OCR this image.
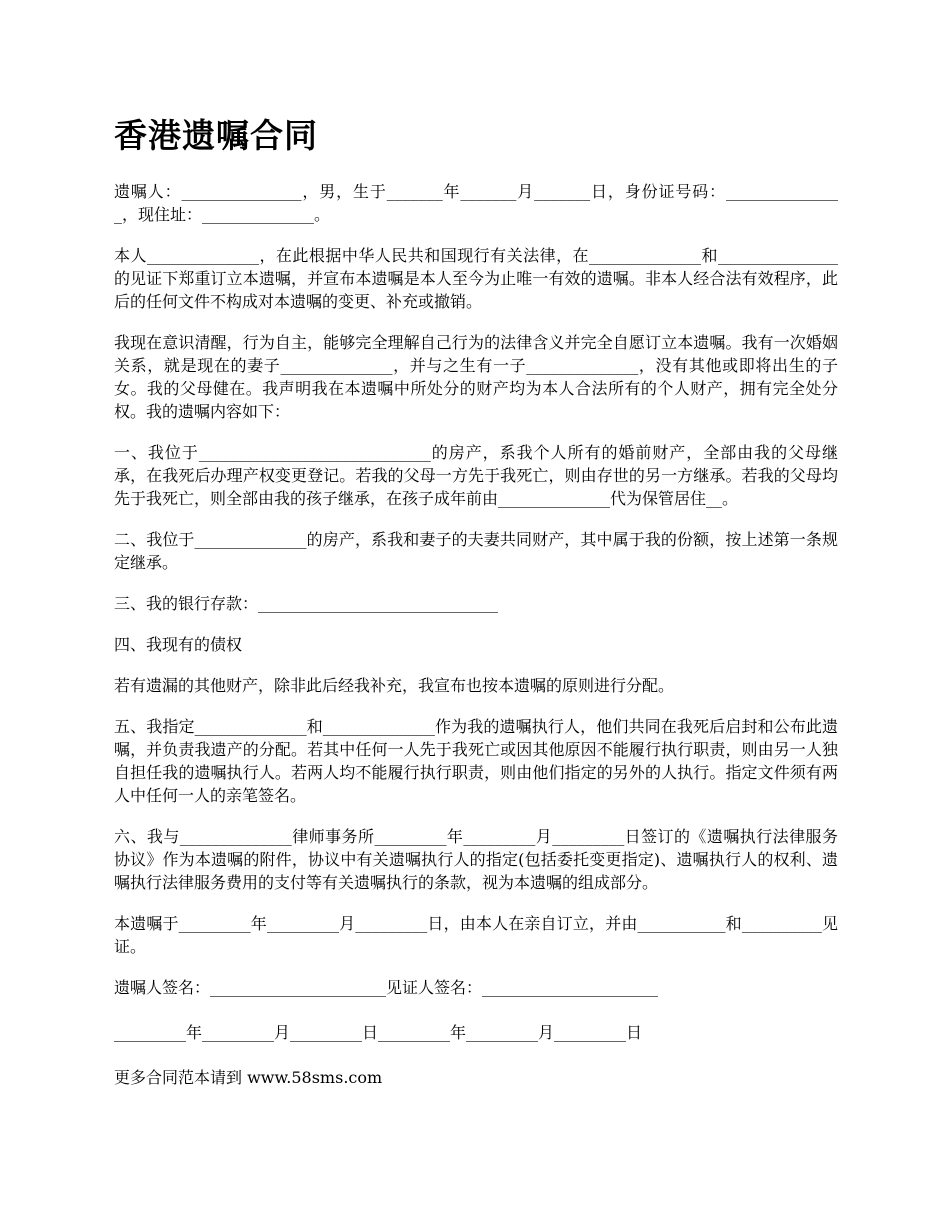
香港遗嘱合同

遗嘱人：_______________，男，生于_______年_______月_______日，身份证号码：_______________，现住址：______________。

本人______________，在此根据中华人民共和国现行有关法律，在______________和_______________的见证下郑重订立本遗嘱，并宣布本遗嘱是本人至今为止唯一有效的遗嘱。非本人经合法有效程序，此后的任何文件不构成对本遗嘱的变更、补充或撤销。

我现在意识清醒，行为自主，能够完全理解自己行为的法律含义并完全自愿订立本遗嘱。我有一次婚姻关系，就是现在的妻子______________，并与之生有一子______________，没有其他或即将出生的子女。我的父母健在。我声明我在本遗嘱中所处分的财产均为本人合法所有的个人财产，拥有完全处分权。我的遗嘱内容如下：

一、我位于_____________________________的房产，系我个人所有的婚前财产，全部由我的父母继承，在我死后办理产权变更登记。若我的父母一方先于我死亡，则由存世的另一方继承。若我的父母均先于我死亡，则全部由我的孩子继承，在孩子成年前由______________代为保管居住__。

二、我位于______________的房产，系我和妻子的夫妻共同财产，其中属于我的份额，按上述第一条规定继承。

三、我的银行存款：______________________________

四、我现有的债权

若有遗漏的其他财产，除非此后经我补充，我宣布也按本遗嘱的原则进行分配。

五、我指定______________和______________作为我的遗嘱执行人，他们共同在我死后启封和公布此遗嘱，并负责我遗产的分配。若其中任何一人先于我死亡或因其他原因不能履行执行职责，则由另一人独自担任我的遗嘱执行人。若两人均不能履行执行职责，则由他们指定的另外的人执行。指定文件须有两人中任何一人的亲笔签名。

六、我与______________律师事务所_________年_________月_________日签订的《遗嘱执行法律服务协议》作为本遗嘱的附件，协议中有关遗嘱执行人的指定(包括委托变更指定)、遗嘱执行人的权利、遗嘱执行法律服务费用的支付等有关遗嘱执行的条款，视为本遗嘱的组成部分。

本遗嘱于_________年_________月_________日，由本人在亲自订立，并由___________和__________见证。

遗嘱人签名：______________________见证人签名：______________________
_________年_________月_________日_________年_________月_________日
更多合同范本请到 www.58sms.com
